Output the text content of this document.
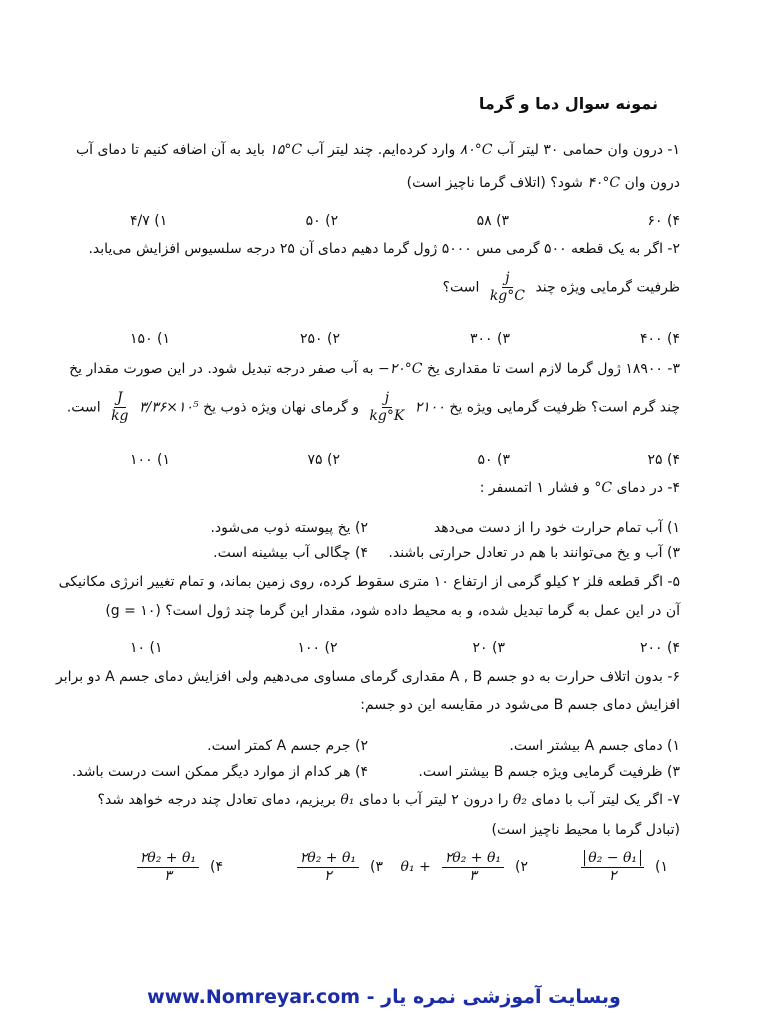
نمونه سوال دما و گرما
۱- درون وان حمامی ۳۰ لیتر آب ۸۰°C وارد کرده‌ایم. چند لیتر آب ۱۵°C باید به آن اضافه کنیم تا دمای آب
درون وان ۴۰°C شود؟ (اتلاف گرما ناچیز است)
۱) ۴/۷	۲) ۵۰	۳) ۵۸	۴) ۶۰
۲- اگر به یک قطعه ۵۰۰ گرمی مس ۵۰۰۰ ژول گرما دهیم دمای آن ۲۵ درجه سلسیوس افزایش می‌یابد.
ظرفیت گرمایی ویژه چند
$\frac{j}{kg^\circ C}$
است؟
۱) ۱۵۰	۲) ۲۵۰	۳) ۳۰۰	۴) ۴۰۰
۳- ۱۸۹۰۰ ژول گرما لازم است تا مقداری یخ −۲۰°C به آب صفر درجه تبدیل شود. در این صورت مقدار یخ
چند گرم است؟ ظرفیت گرمایی ویژه یخ ۲۱۰۰
$\frac{j}{kg^\circ K}$
و گرمای نهان ویژه ذوب یخ ۳/۳۶×۱۰⁵
$\frac{J}{kg}$
است.
۱) ۱۰۰	۲) ۷۵	۳) ۵۰	۴) ۲۵
۴- در دمای °C و فشار ۱ اتمسفر :
۱) آب تمام حرارت خود را از دست می‌دهد
۲) یخ پیوسته ذوب می‌شود.
۳) آب و یخ می‌توانند با هم در تعادل حرارتی باشند.
۴) چگالی آب بیشینه است.
۵- اگر قطعه فلز ۲ کیلو گرمی از ارتفاع ۱۰ متری سقوط کرده، روی زمین بماند، و تمام تغییر انرژی مکانیکی
آن در این عمل به گرما تبدیل شده، و به محیط داده شود، مقدار این گرما چند ژول است؟ (g = ۱۰)
۱) ۱۰	۲) ۱۰۰	۳) ۲۰	۴) ۲۰۰
۶- بدون اتلاف حرارت به دو جسم A , B مقداری گرمای مساوی می‌دهیم ولی افزایش دمای جسم A دو برابر
افزایش دمای جسم B می‌شود در مقایسه این دو جسم:
۱) دمای جسم A بیشتر است.
۲) جرم جسم A کمتر است.
۳) ظرفیت گرمایی ویژه جسم B بیشتر است.
۴) هر کدام از موارد دیگر ممکن است درست باشد.
۷- اگر یک لیتر آب با دمای θ₂ را درون ۲ لیتر آب با دمای θ₁ بریزیم، دمای تعادل چند درجه خواهد شد؟
(تبادل گرما با محیط ناچیز است)
۱)
$\frac{\text{θ₂ − θ₁}}{۲}$
۲)
$\frac{\text{۲θ₂ + θ₁}}{۳}$
θ₁ +
۳)
$\frac{\text{۲θ₂ + θ₁}}{۲}$
۴)
$\frac{\text{۲θ₂ + θ₁}}{۳}$
www.Nomreyar.com - وبسایت آموزشی نمره یار
